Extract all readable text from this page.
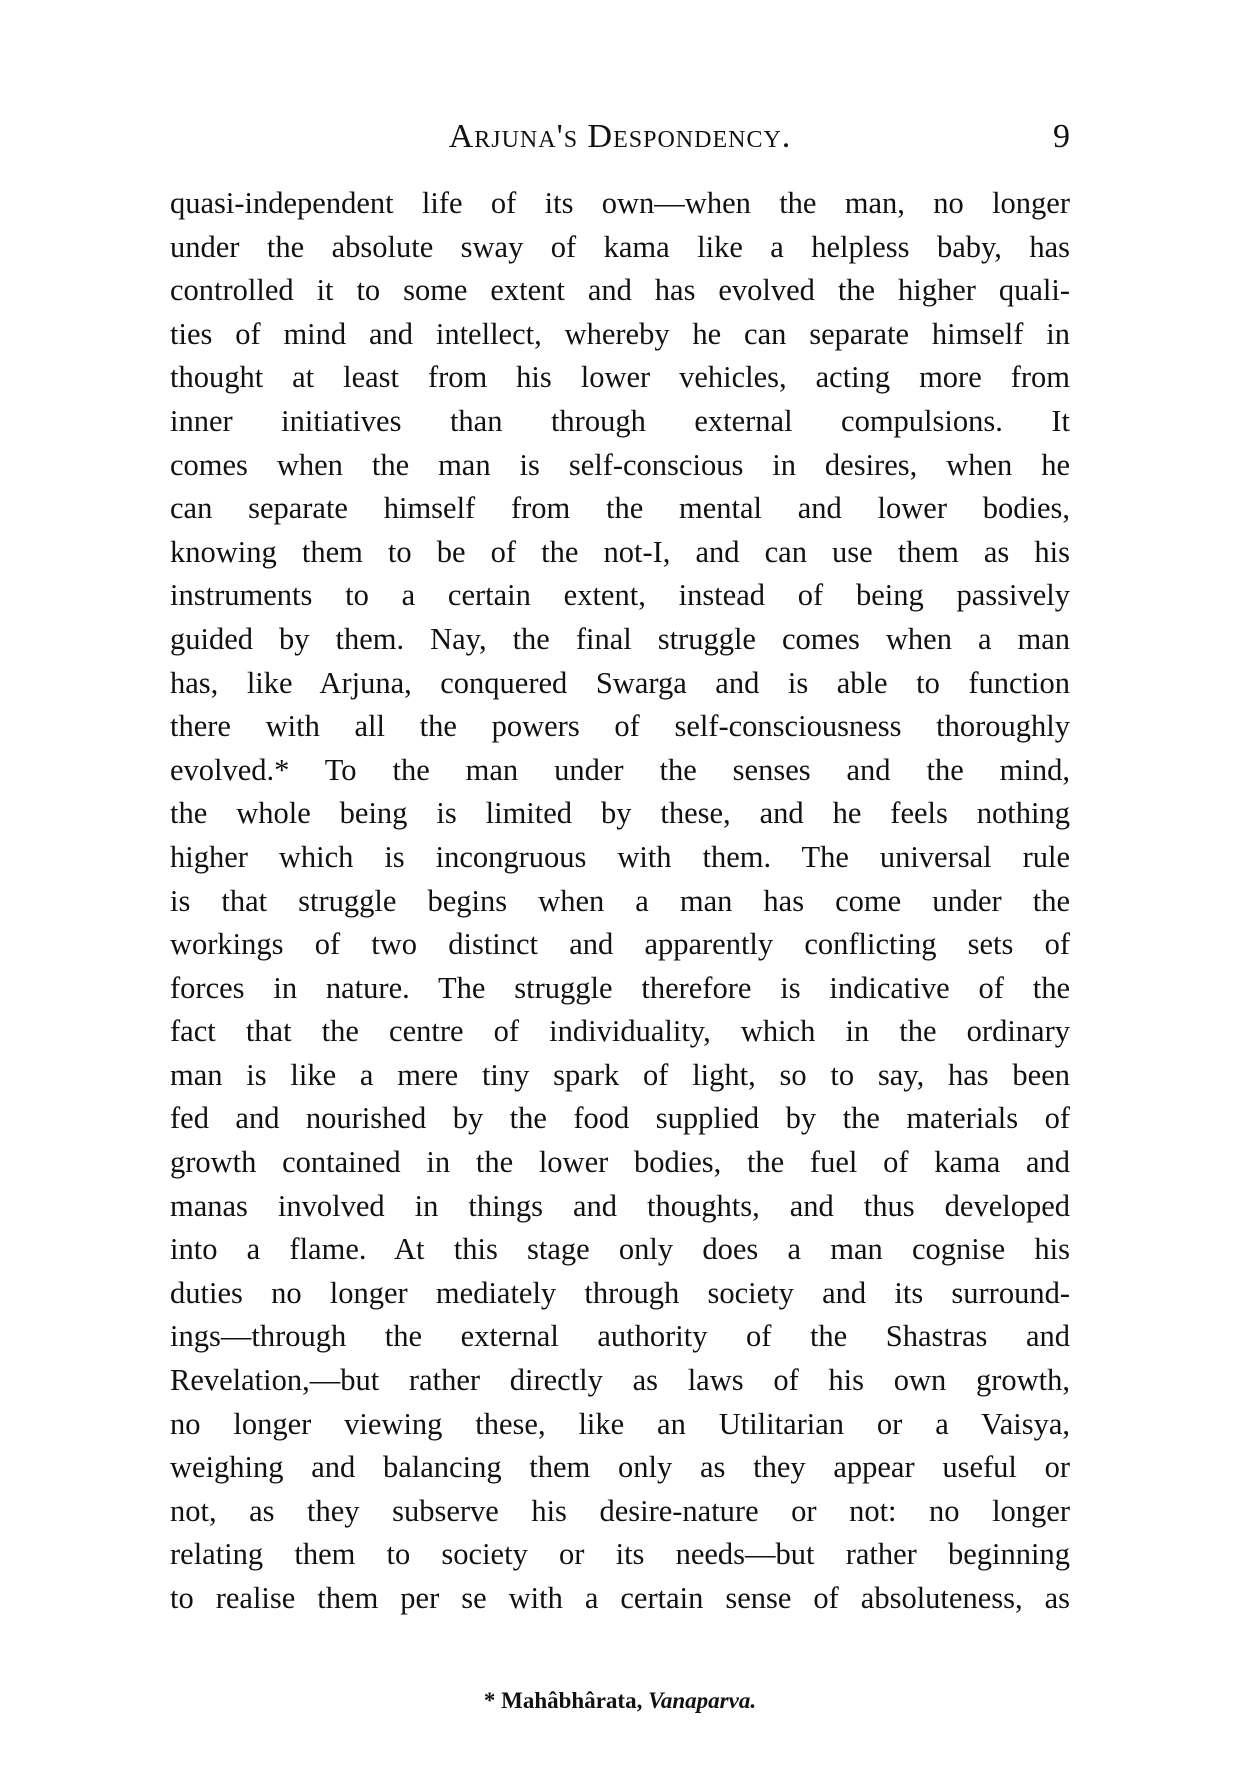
Arjuna's Despondency.	9
quasi-independent life of its own—when the man, no longer
under the absolute sway of kama like a helpless baby, has
controlled it to some extent and has evolved the higher quali-
ties of mind and intellect, whereby he can separate himself in
thought at least from his lower vehicles, acting more from
inner initiatives than through external compulsions. It
comes when the man is self-conscious in desires, when he
can separate himself from the mental and lower bodies,
knowing them to be of the not-I, and can use them as his
instruments to a certain extent, instead of being passively
guided by them. Nay, the final struggle comes when a man
has, like Arjuna, conquered Swarga and is able to function
there with all the powers of self-consciousness thoroughly
evolved.* To the man under the senses and the mind,
the whole being is limited by these, and he feels nothing
higher which is incongruous with them. The universal rule
is that struggle begins when a man has come under the
workings of two distinct and apparently conflicting sets of
forces in nature. The struggle therefore is indicative of the
fact that the centre of individuality, which in the ordinary
man is like a mere tiny spark of light, so to say, has been
fed and nourished by the food supplied by the materials of
growth contained in the lower bodies, the fuel of kama and
manas involved in things and thoughts, and thus developed
into a flame. At this stage only does a man cognise his
duties no longer mediately through society and its surround-
ings—through the external authority of the Shastras and
Revelation,—but rather directly as laws of his own growth,
no longer viewing these, like an Utilitarian or a Vaisya,
weighing and balancing them only as they appear useful or
not, as they subserve his desire-nature or not: no longer
relating them to society or its needs—but rather beginning
to realise them per se with a certain sense of absoluteness, as
* Mahâbhârata, Vanaparva.
